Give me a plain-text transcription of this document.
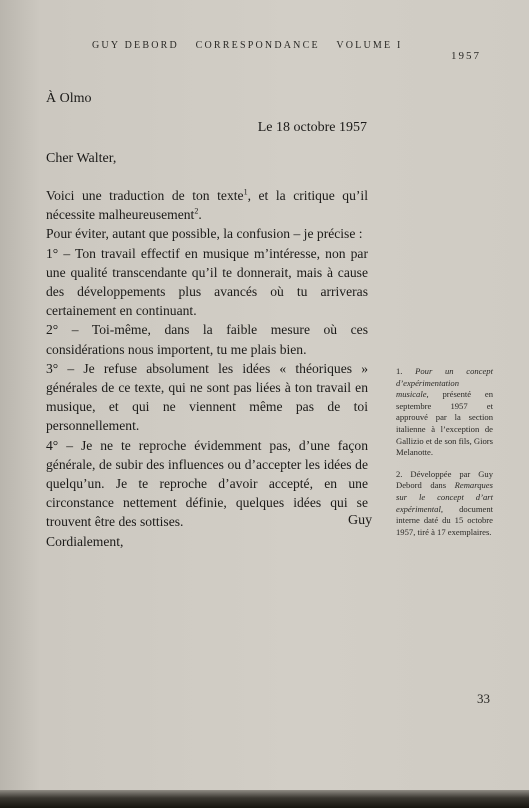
GUY DEBORD CORRESPONDANCE VOLUME I
1957
À Olmo
Le 18 octobre 1957
Cher Walter,

Voici une traduction de ton texte$^1$, et la critique qu’il nécessite malheureusement$^2$.

Pour éviter, autant que possible, la confusion – je précise :

1° – Ton travail effectif en musique m’intéresse, non par une qualité transcendante qu’il te donnerait, mais à cause des développements plus avancés où tu arriveras certainement en continuant.

2° – Toi-même, dans la faible mesure où ces considérations nous importent, tu me plais bien.

3° – Je refuse absolument les idées « théoriques » générales de ce texte, qui ne sont pas liées à ton travail en musique, et qui ne viennent même pas de toi personnellement.

4° – Je ne te reproche évidemment pas, d’une façon générale, de subir des influences ou d’accepter les idées de quelqu’un. Je te reproche d’avoir accepté, en une circonstance nettement définie, quelques idées qui se trouvent être des sottises.

Cordialement,

Guy
1. Pour un concept d’expérimentation musicale, présenté en septembre 1957 et approuvé par la section italienne à l’exception de Gallizio et de son fils, Giors Melanotte.
2. Développée par Guy Debord dans Remarques sur le concept d’art expérimental, document interne daté du 15 octobre 1957, tiré à 17 exemplaires.
33
